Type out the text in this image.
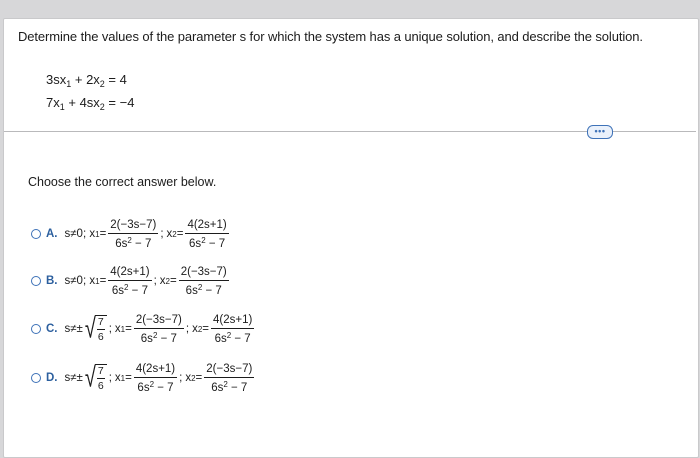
Determine the values of the parameter s for which the system has a unique solution, and describe the solution.
$3sx_1 + 2x_2 = 4$
$7x_1 + 4sx_2 = -4$
•••
Choose the correct answer below.
A. s≠0; x $1 = \frac{2(-3s-7)}{6s^2 - 7}$ ; x $2 = \frac{4(2s+1)}{6s^2 - 7}$
B. s≠0; x $1 = \frac{4(2s+1)}{6s^2 - 7}$ ; x $2 = \frac{2(-3s-7)}{6s^2 - 7}$
C. s≠± √ 7
6
; x $1 = \frac{2(-3s-7)}{6s^2 - 7}$ ; x $2 = \frac{4(2s+1)}{6s^2 - 7}$
D. s≠± √ 7
6
; x $1 = \frac{4(2s+1)}{6s^2 - 7}$ ; x $2 = \frac{2(-3s-7)}{6s^2 - 7}$
